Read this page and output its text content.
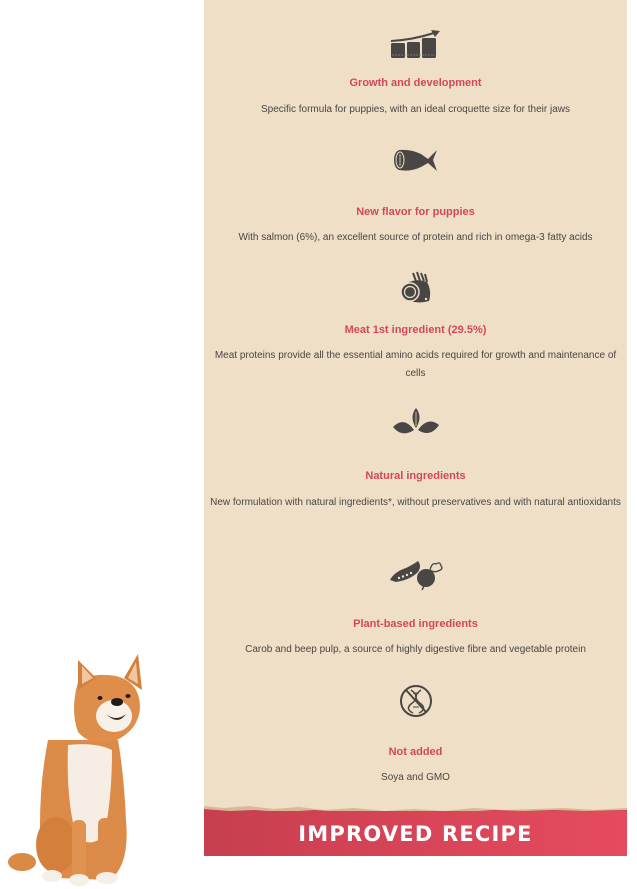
Growth and development
Specific formula for puppies, with an ideal croquette size for their jaws
New flavor for puppies
With salmon (6%), an excellent source of protein and rich in omega-3 fatty acids
Meat 1st ingredient (29.5%)
Meat proteins provide all the essential amino acids required for growth and maintenance of cells
Natural ingredients
New formulation with natural ingredients*, without preservatives and with natural antioxidants
Plant-based ingredients
Carob and beep pulp, a source of highly digestive fibre and vegetable protein
Not added
Soya and GMO
IMPROVED RECIPE
